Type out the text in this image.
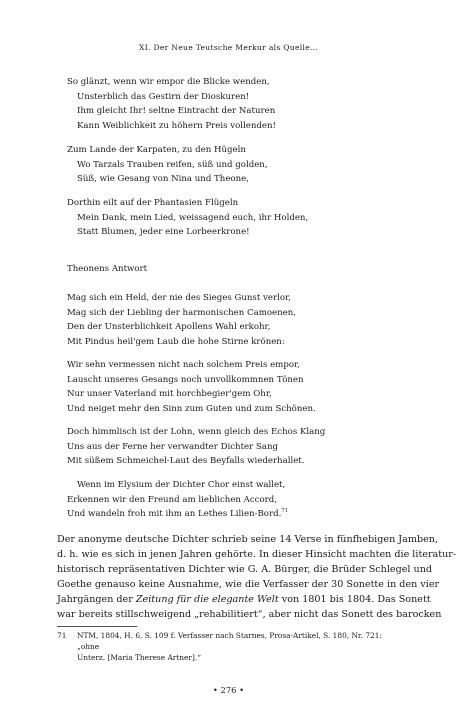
XI. Der Neue Teutsche Merkur als Quelle…
So glänzt, wenn wir empor die Blicke wenden,
Unsterblich das Gestirn der Dioskuren!
Ihm gleicht Ihr! seltne Eintracht der Naturen
Kann Weiblichkeit zu höhern Preis vollenden!
Zum Lande der Karpaten, zu den Hügeln
Wo Tarzals Trauben reifen, süß und golden,
Süß, wie Gesang von Nina und Theone,
Dorthin eilt auf der Phantasien Flügeln
Mein Dank, mein Lied, weissagend euch, ihr Holden,
Statt Blumen, jeder eine Lorbeerkrone!
Theonens Antwort
Mag sich ein Held, der nie des Sieges Gunst verlor,
Mag sich der Liebling der harmonischen Camoenen,
Den der Unsterblichkeit Apollens Wahl erkohr,
Mit Pindus heil'gem Laub die hohe Stirne krönen:
Wir sehn vermessen nicht nach solchem Preis empor,
Lauscht unseres Gesangs noch unvollkommnen Tönen
Nur unser Vaterland mit horchbegier'gem Ohr,
Und neiget mehr den Sinn zum Guten und zum Schönen.
Doch himmlisch ist der Lohn, wenn gleich des Echos Klang
Uns aus der Ferne her verwandter Dichter Sang
Mit süßem Schmeichel-Laut des Beyfalls wiederhallet.
Wenn im Elysium der Dichter Chor einst wallet,
Erkennen wir den Freund am lieblichen Accord,
Und wandeln froh mit ihm an Lethes Lilien-Bord.$^{71}$
Der anonyme deutsche Dichter schrieb seine 14 Verse in fünfhebigen Jamben,
d. h. wie es sich in jenen Jahren gehörte. In dieser Hinsicht machten die literatur-
historisch repräsentativen Dichter wie G. A. Bürger, die Brüder Schlegel und
Goethe genauso keine Ausnahme, wie die Verfasser der 30 Sonette in den vier
Jahrgängen der Zeitung für die elegante Welt von 1801 bis 1804. Das Sonett
war bereits stillschweigend „rehabilitiert“, aber nicht das Sonett des barocken
71	NTM, 1804, H. 6, S. 109 f. Verfasser nach Starnes, Prosa-Artikel, S. 180, Nr. 721: „ohne
Unterz. [Maria Therese Artner].“
• 276 •
